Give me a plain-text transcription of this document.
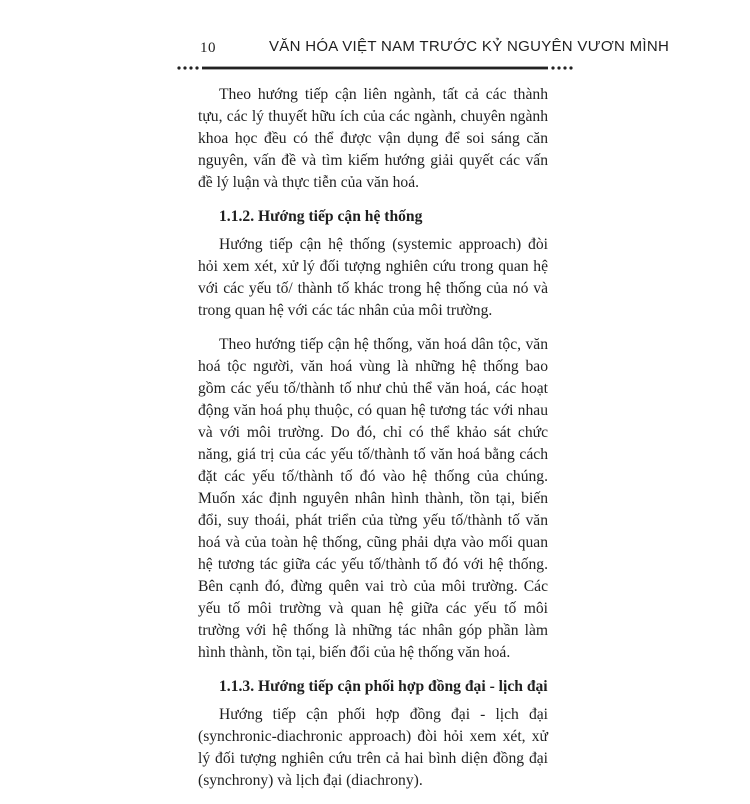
10	VĂN HÓA VIỆT NAM TRƯỚC KỶ NGUYÊN VƯƠN MÌNH

Theo hướng tiếp cận liên ngành, tất cả các thành tựu, các lý thuyết hữu ích của các ngành, chuyên ngành khoa học đều có thể được vận dụng để soi sáng căn nguyên, vấn đề và tìm kiếm hướng giải quyết các vấn đề lý luận và thực tiễn của văn hoá.

1.1.2. Hướng tiếp cận hệ thống

Hướng tiếp cận hệ thống (systemic approach) đòi hỏi xem xét, xử lý đối tượng nghiên cứu trong quan hệ với các yếu tố/ thành tố khác trong hệ thống của nó và trong quan hệ với các tác nhân của môi trường.

Theo hướng tiếp cận hệ thống, văn hoá dân tộc, văn hoá tộc người, văn hoá vùng là những hệ thống bao gồm các yếu tố/thành tố như chủ thể văn hoá, các hoạt động văn hoá phụ thuộc, có quan hệ tương tác với nhau và với môi trường. Do đó, chỉ có thể khảo sát chức năng, giá trị của các yếu tố/thành tố văn hoá bằng cách đặt các yếu tố/thành tố đó vào hệ thống của chúng. Muốn xác định nguyên nhân hình thành, tồn tại, biến đổi, suy thoái, phát triển của từng yếu tố/thành tố văn hoá và của toàn hệ thống, cũng phải dựa vào mối quan hệ tương tác giữa các yếu tố/thành tố đó với hệ thống. Bên cạnh đó, đừng quên vai trò của môi trường. Các yếu tố môi trường và quan hệ giữa các yếu tố môi trường với hệ thống là những tác nhân góp phần làm hình thành, tồn tại, biến đổi của hệ thống văn hoá.

1.1.3. Hướng tiếp cận phối hợp đồng đại - lịch đại

Hướng tiếp cận phối hợp đồng đại - lịch đại (synchronic-diachronic approach) đòi hỏi xem xét, xử lý đối tượng nghiên cứu trên cả hai bình diện đồng đại (synchrony) và lịch đại (diachrony).
